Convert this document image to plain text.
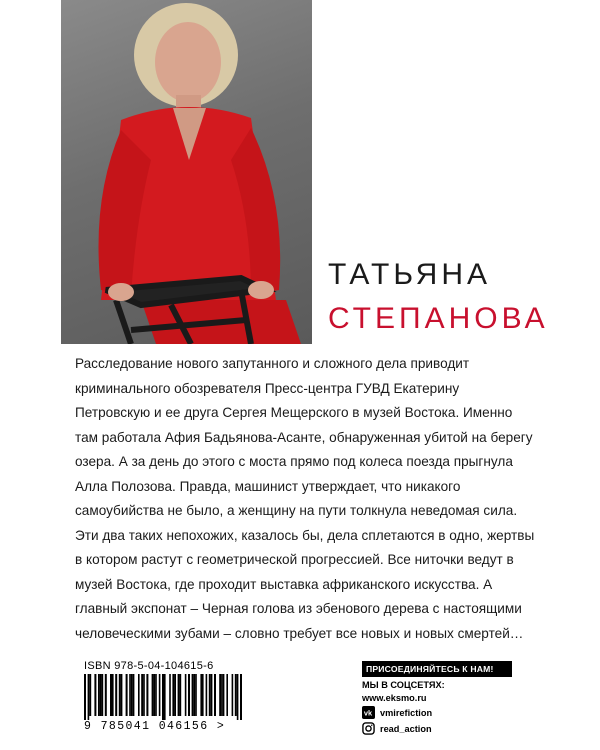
ТАТЬЯНА
СТЕПАНОВА
Расследование нового запутанного и сложного дела приводит криминального обозревателя Пресс-центра ГУВД Екатерину Петровскую и ее друга Сергея Мещерского в музей Востока. Именно там работала Афия Бадьянова-Асанте, обнаруженная убитой на берегу озера. А за день до этого с моста прямо под колеса поезда прыгнула Алла Полозова. Правда, машинист утверждает, что никакого самоубийства не было, а женщину на пути толкнула неведомая сила. Эти два таких непохожих, казалось бы, дела сплетаются в одно, жертвы в котором растут с геометрической прогрессией. Все ниточки ведут в музей Востока, где проходит выставка африканского искусства. А главный экспонат – Черная голова из эбенового дерева с настоящими человеческими зубами – словно требует все новых и новых смертей…
ISBN 978-5-04-104615-6
9 785041 046156 >
ПРИСОЕДИНЯЙТЕСЬ К НАМ!
МЫ В СОЦСЕТЯХ:
www.eksmo.ru
vk vmirefiction
read_action
